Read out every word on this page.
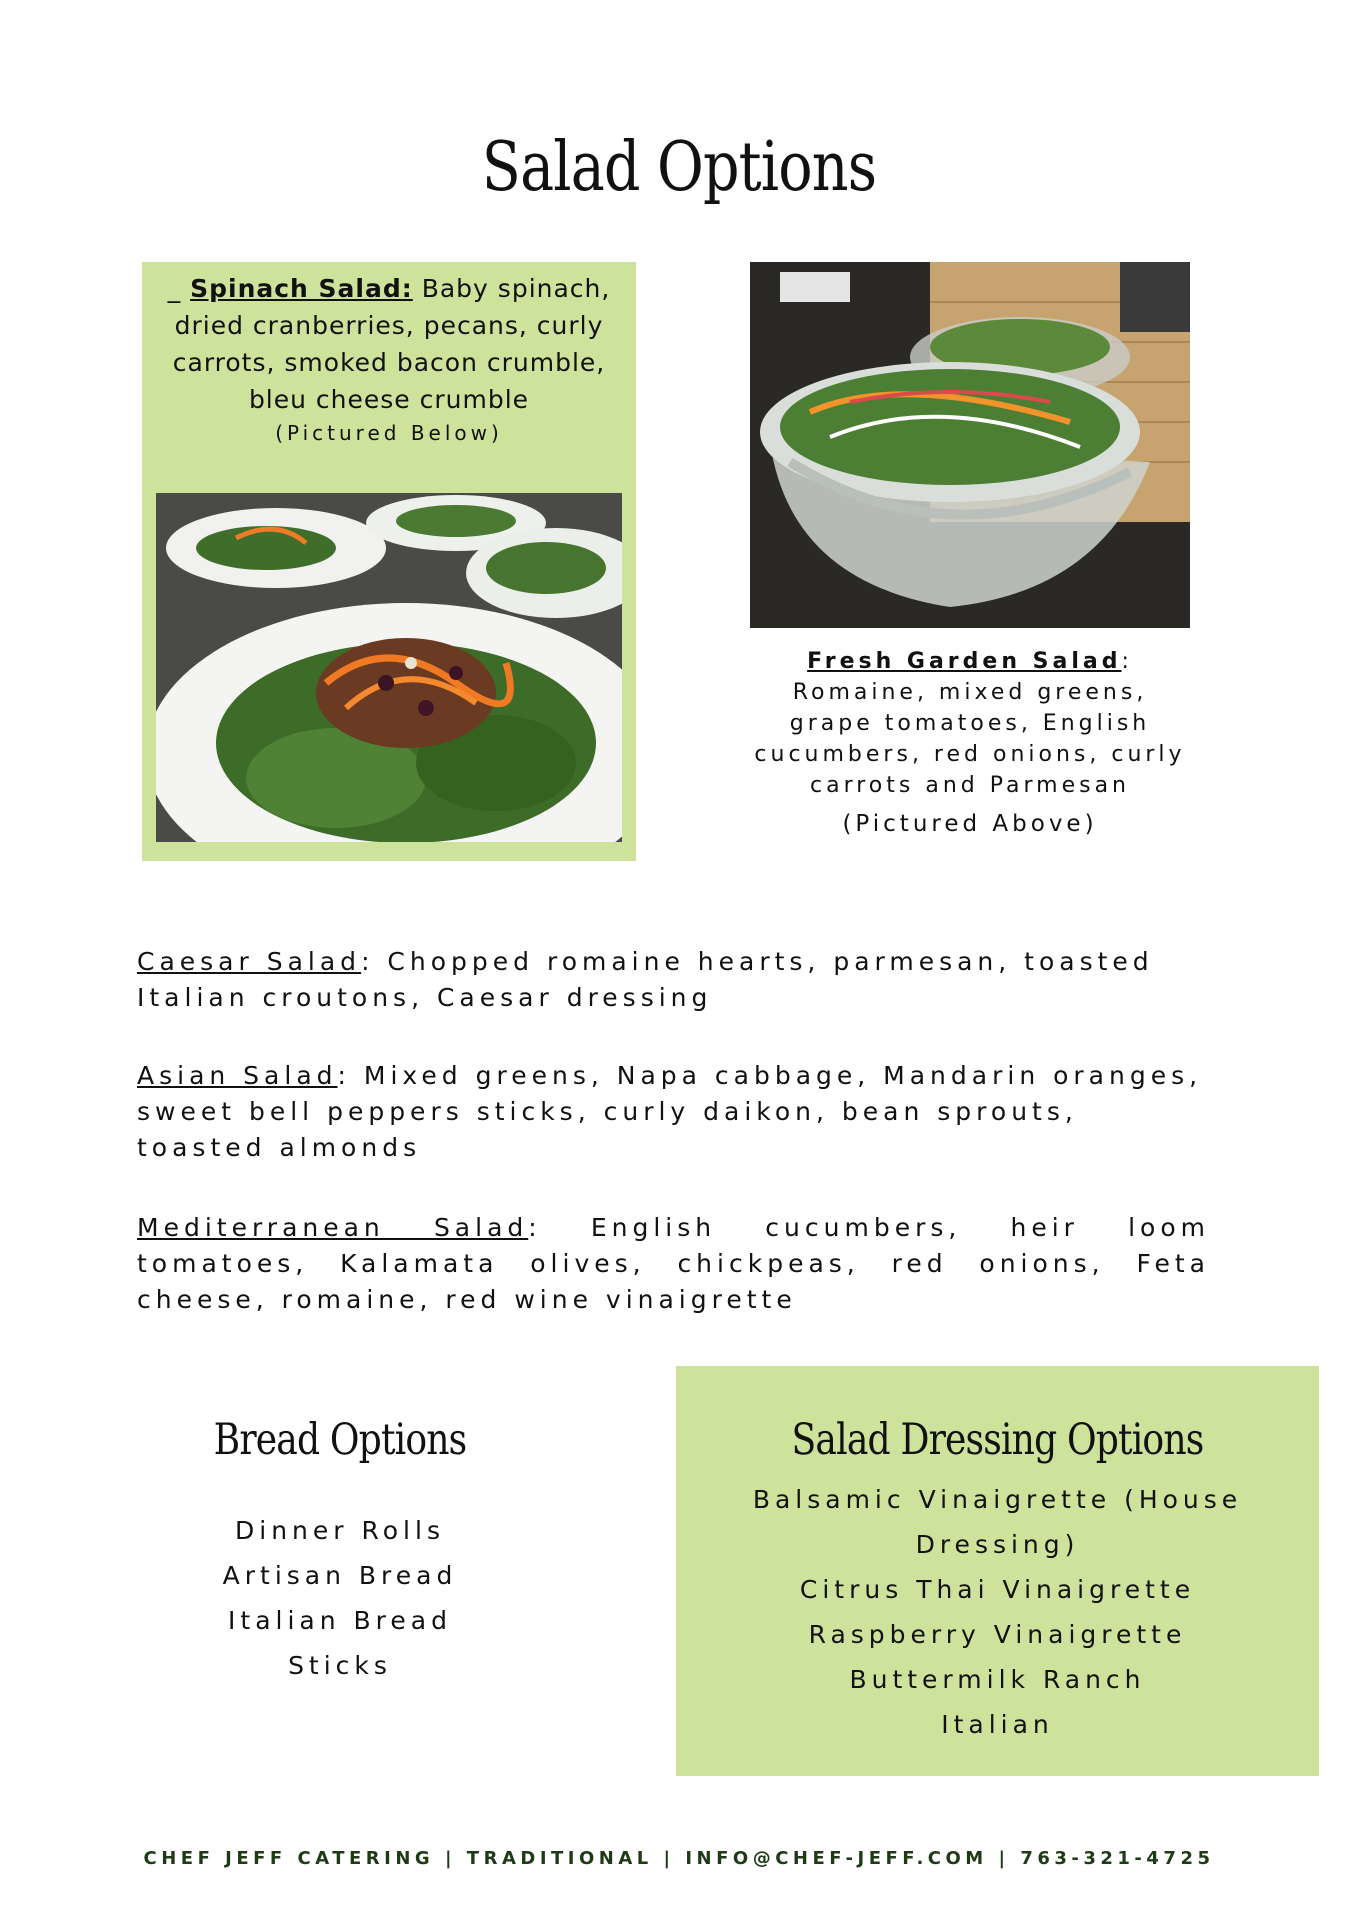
Salad Options
_ Spinach Salad: Baby spinach, dried cranberries, pecans, curly carrots, smoked bacon crumble, bleu cheese crumble
(Pictured Below)
Fresh Garden Salad:
Romaine, mixed greens, grape tomatoes, English cucumbers, red onions, curly carrots and Parmesan
(Pictured Above)
Caesar Salad: Chopped romaine hearts, parmesan, toasted Italian croutons, Caesar dressing
Asian Salad: Mixed greens, Napa cabbage, Mandarin oranges, sweet bell peppers sticks, curly daikon, bean sprouts, toasted almonds
Mediterranean Salad: English cucumbers, heir loom tomatoes, Kalamata olives, chickpeas, red onions, Feta cheese, romaine, red wine vinaigrette
Bread Options
Dinner Rolls
Artisan Bread
Italian Bread
Sticks
Salad Dressing Options
Balsamic Vinaigrette (House
Dressing)
Citrus Thai Vinaigrette
Raspberry Vinaigrette
Buttermilk Ranch
Italian
CHEF JEFF CATERING | TRADITIONAL | INFO@CHEF-JEFF.COM | 763-321-4725
